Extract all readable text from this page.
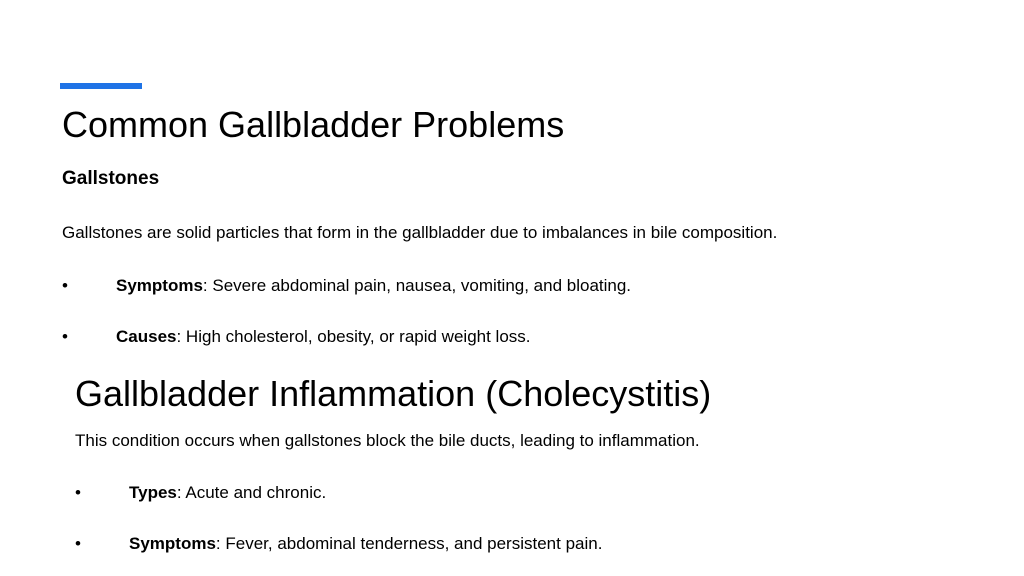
Common Gallbladder Problems
Gallstones
Gallstones are solid particles that form in the gallbladder due to imbalances in bile composition.
•	Symptoms: Severe abdominal pain, nausea, vomiting, and bloating.
•	Causes: High cholesterol, obesity, or rapid weight loss.
Gallbladder Inflammation (Cholecystitis)
This condition occurs when gallstones block the bile ducts, leading to inflammation.
•	Types: Acute and chronic.
•	Symptoms: Fever, abdominal tenderness, and persistent pain.
